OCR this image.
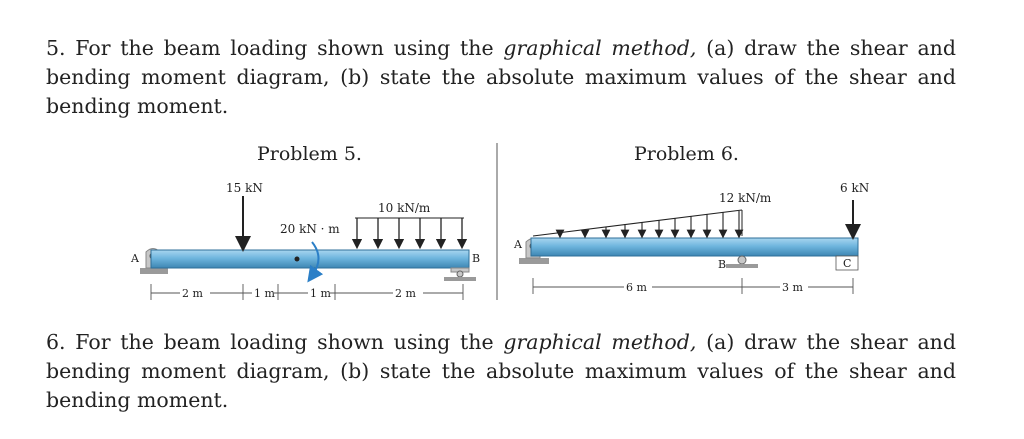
5. For the beam loading shown using the graphical method, (a) draw the shear and bending moment diagram, (b) state the absolute maximum values of the shear and bending moment.
Problem 5.	Problem 6.
A	B
15 kN
20 kN · m
10 kN/m
2 m	1 m	1 m	2 m
A
12 kN/m
B
6 kN
C
6 m	3 m
6. For the beam loading shown using the graphical method, (a) draw the shear and bending moment diagram, (b) state the absolute maximum values of the shear and bending moment.
